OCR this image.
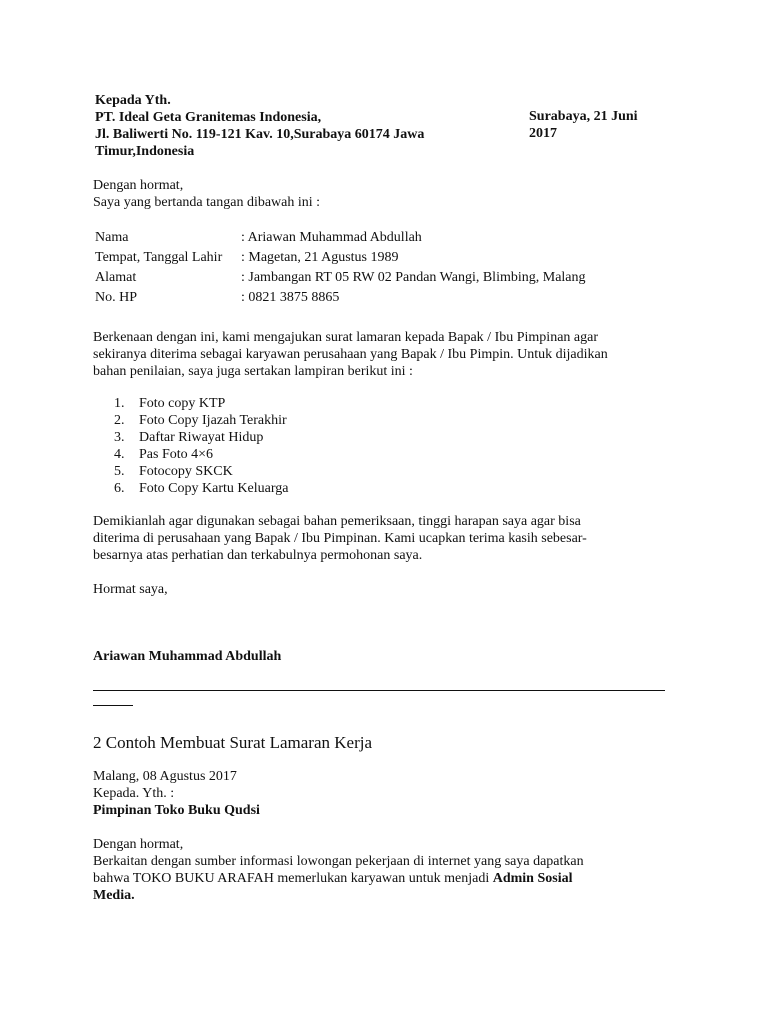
Kepada Yth.
PT. Ideal Geta Granitemas Indonesia,
Jl. Baliwerti No. 119-121 Kav. 10,Surabaya 60174 Jawa
Timur,Indonesia
Surabaya, 21 Juni
2017
Dengan hormat,
Saya yang bertanda tangan dibawah ini :
Nama	: Ariawan Muhammad Abdullah
Tempat, Tanggal Lahir	: Magetan, 21 Agustus 1989
Alamat	: Jambangan RT 05 RW 02 Pandan Wangi, Blimbing, Malang
No. HP	: 0821 3875 8865
Berkenaan dengan ini, kami mengajukan surat lamaran kepada Bapak / Ibu Pimpinan agar
sekiranya diterima sebagai karyawan perusahaan yang Bapak / Ibu Pimpin. Untuk dijadikan
bahan penilaian, saya juga sertakan lampiran berikut ini :
1. Foto copy KTP
2. Foto Copy Ijazah Terakhir
3. Daftar Riwayat Hidup
4. Pas Foto 4×6
5. Fotocopy SKCK
6. Foto Copy Kartu Keluarga
Demikianlah agar digunakan sebagai bahan pemeriksaan, tinggi harapan saya agar bisa
diterima di perusahaan yang Bapak / Ibu Pimpinan. Kami ucapkan terima kasih sebesar-
besarnya atas perhatian dan terkabulnya permohonan saya.
Hormat saya,
Ariawan Muhammad Abdullah
2 Contoh Membuat Surat Lamaran Kerja
Malang, 08 Agustus 2017
Kepada. Yth. :
Pimpinan Toko Buku Qudsi
Dengan hormat,
Berkaitan dengan sumber informasi lowongan pekerjaan di internet yang saya dapatkan
bahwa TOKO BUKU ARAFAH memerlukan karyawan untuk menjadi Admin Sosial
Media.
